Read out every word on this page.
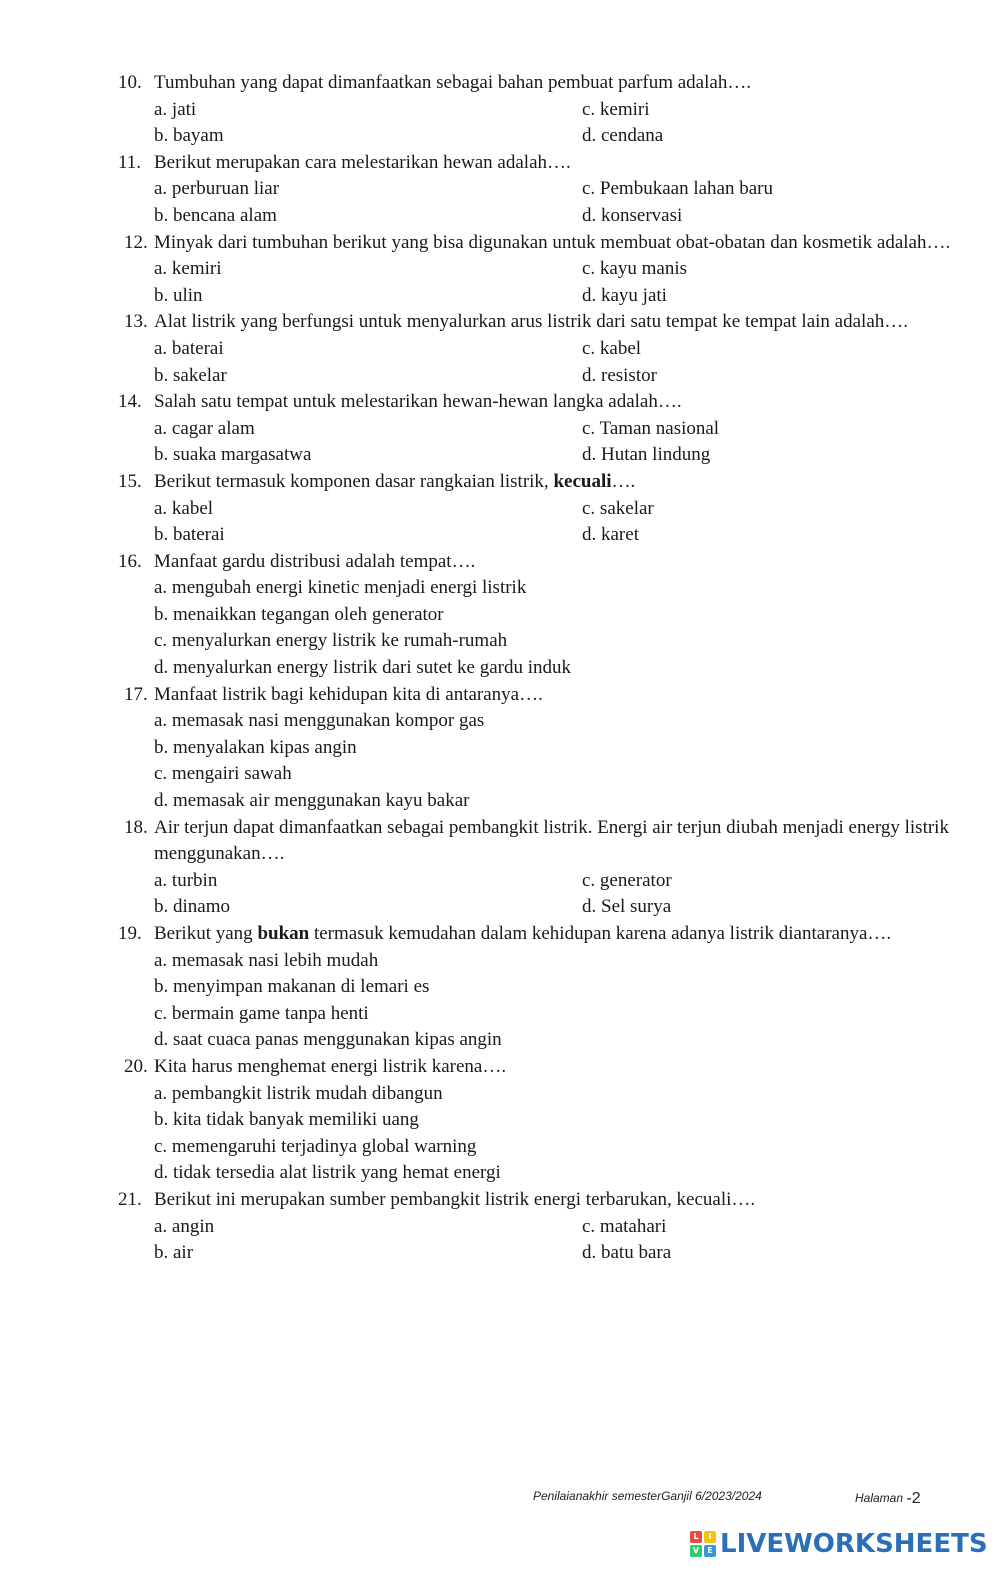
10. Tumbuhan yang dapat dimanfaatkan sebagai bahan pembuat parfum adalah….
a. jati	c. kemiri
b. bayam	d. cendana
11. Berikut merupakan cara melestarikan hewan adalah….
a. perburuan liar	c. Pembukaan lahan baru
b. bencana alam	d. konservasi
12. Minyak dari tumbuhan berikut yang bisa digunakan untuk membuat obat-obatan dan kosmetik adalah….
a. kemiri	c. kayu manis
b. ulin	d. kayu jati
13. Alat listrik yang berfungsi untuk menyalurkan arus listrik dari satu tempat ke tempat lain adalah….
a. baterai	c. kabel
b. sakelar	d. resistor
14. Salah satu tempat untuk melestarikan hewan-hewan langka adalah….
a. cagar alam	c. Taman nasional
b. suaka margasatwa	d. Hutan lindung
15. Berikut termasuk komponen dasar rangkaian listrik, kecuali….
a. kabel	c. sakelar
b. baterai	d. karet
16. Manfaat gardu distribusi adalah tempat….
a. mengubah energi kinetic menjadi energi listrik
b. menaikkan tegangan oleh generator
c. menyalurkan energy listrik ke rumah-rumah
d. menyalurkan energy listrik dari sutet ke gardu induk
17. Manfaat listrik bagi kehidupan kita di antaranya….
a. memasak nasi menggunakan kompor gas
b. menyalakan kipas angin
c. mengairi sawah
d. memasak air menggunakan kayu bakar
18. Air terjun dapat dimanfaatkan sebagai pembangkit listrik. Energi air terjun diubah menjadi energy listrik menggunakan….
a. turbin	c. generator
b. dinamo	d. Sel surya
19. Berikut yang bukan termasuk kemudahan dalam kehidupan karena adanya listrik diantaranya….
a. memasak nasi lebih mudah
b. menyimpan makanan di lemari es
c. bermain game tanpa henti
d. saat cuaca panas menggunakan kipas angin
20. Kita harus menghemat energi listrik karena….
a. pembangkit listrik mudah dibangun
b. kita tidak banyak memiliki uang
c. memengaruhi terjadinya global warning
d. tidak tersedia alat listrik yang hemat energi
21. Berikut ini merupakan sumber pembangkit listrik energi terbarukan, kecuali….
a. angin	c. matahari
b. air	d. batu bara
Penilaianakhir semesterGanjil 6/2023/2024	Halaman -2
L	I
V	E LIVEWORKSHEETS
